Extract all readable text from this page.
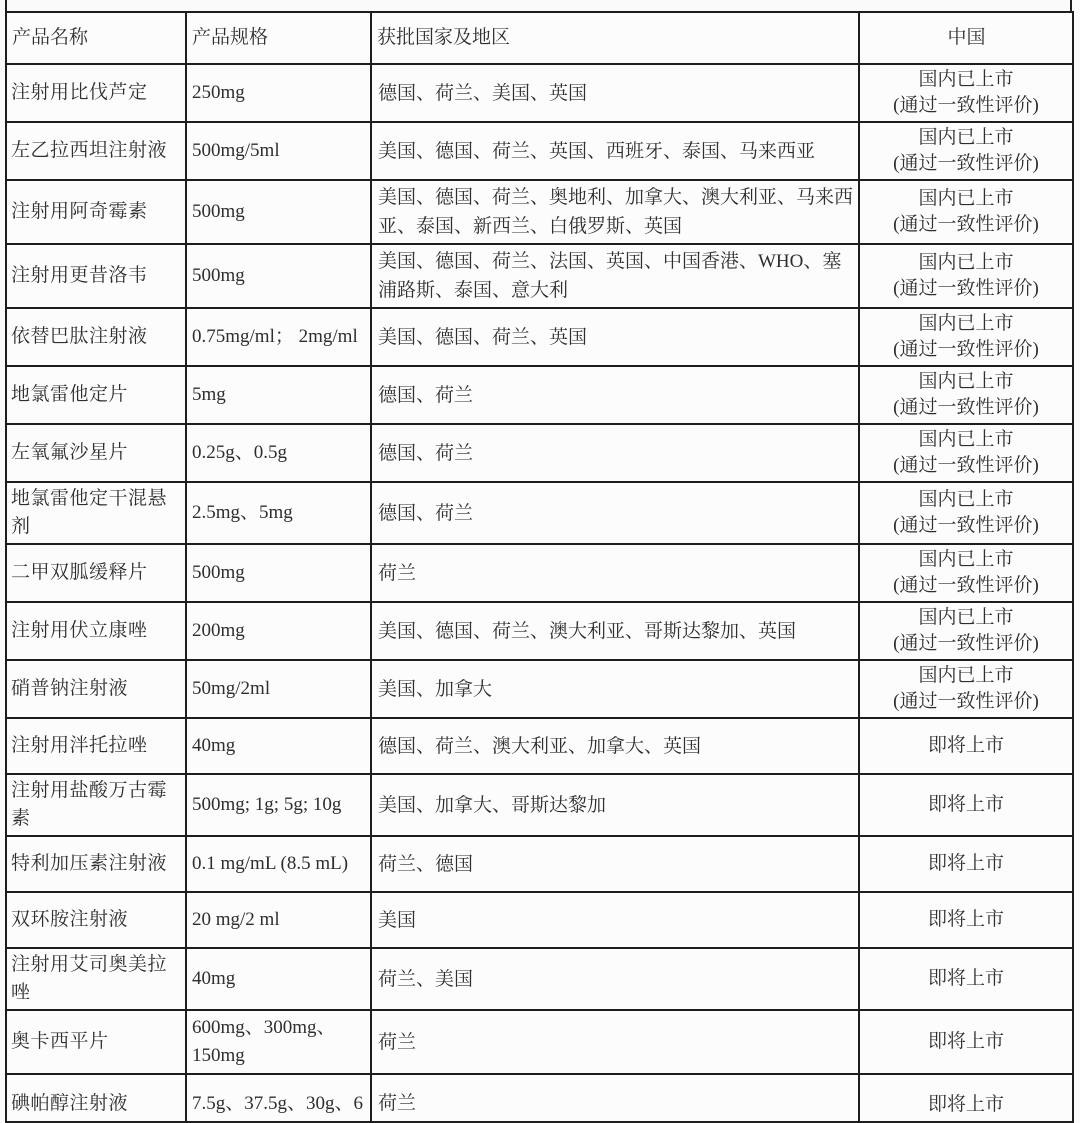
产品名称	产品规格	获批国家及地区	中国
注射用比伐芦定	250mg	德国、荷兰、美国、英国	国内已上市
(通过一致性评价)

左乙拉西坦注射液	500mg/5ml	美国、德国、荷兰、英国、西班牙、泰国、马来西亚	国内已上市
(通过一致性评价)

注射用阿奇霉素	500mg	美国、德国、荷兰、奥地利、加拿大、澳大利亚、马来西亚、泰国、新西兰、白俄罗斯、英国	国内已上市
(通过一致性评价)

注射用更昔洛韦	500mg	美国、德国、荷兰、法国、英国、中国香港、WHO、塞浦路斯、泰国、意大利	国内已上市
(通过一致性评价)

依替巴肽注射液	0.75mg/ml； 2mg/ml	美国、德国、荷兰、英国	国内已上市
(通过一致性评价)

地氯雷他定片	5mg	德国、荷兰	国内已上市
(通过一致性评价)

左氧氟沙星片	0.25g、0.5g	德国、荷兰	国内已上市
(通过一致性评价)

地氯雷他定干混悬剂	2.5mg、5mg	德国、荷兰	国内已上市
(通过一致性评价)

二甲双胍缓释片	500mg	荷兰	国内已上市
(通过一致性评价)

注射用伏立康唑	200mg	美国、德国、荷兰、澳大利亚、哥斯达黎加、英国	国内已上市
(通过一致性评价)

硝普钠注射液	50mg/2ml	美国、加拿大	国内已上市
(通过一致性评价)

注射用泮托拉唑	40mg	德国、荷兰、澳大利亚、加拿大、英国	即将上市

注射用盐酸万古霉素	500mg; 1g; 5g; 10g	美国、加拿大、哥斯达黎加	即将上市

特利加压素注射液	0.1 mg/mL (8.5 mL)	荷兰、德国	即将上市

双环胺注射液	20 mg/2 ml	美国	即将上市

注射用艾司奥美拉唑	40mg	荷兰、美国	即将上市

奥卡西平片	600mg、300mg、150mg	荷兰	即将上市

碘帕醇注射液	7.5g、37.5g、30g、6	荷兰	即将上市
